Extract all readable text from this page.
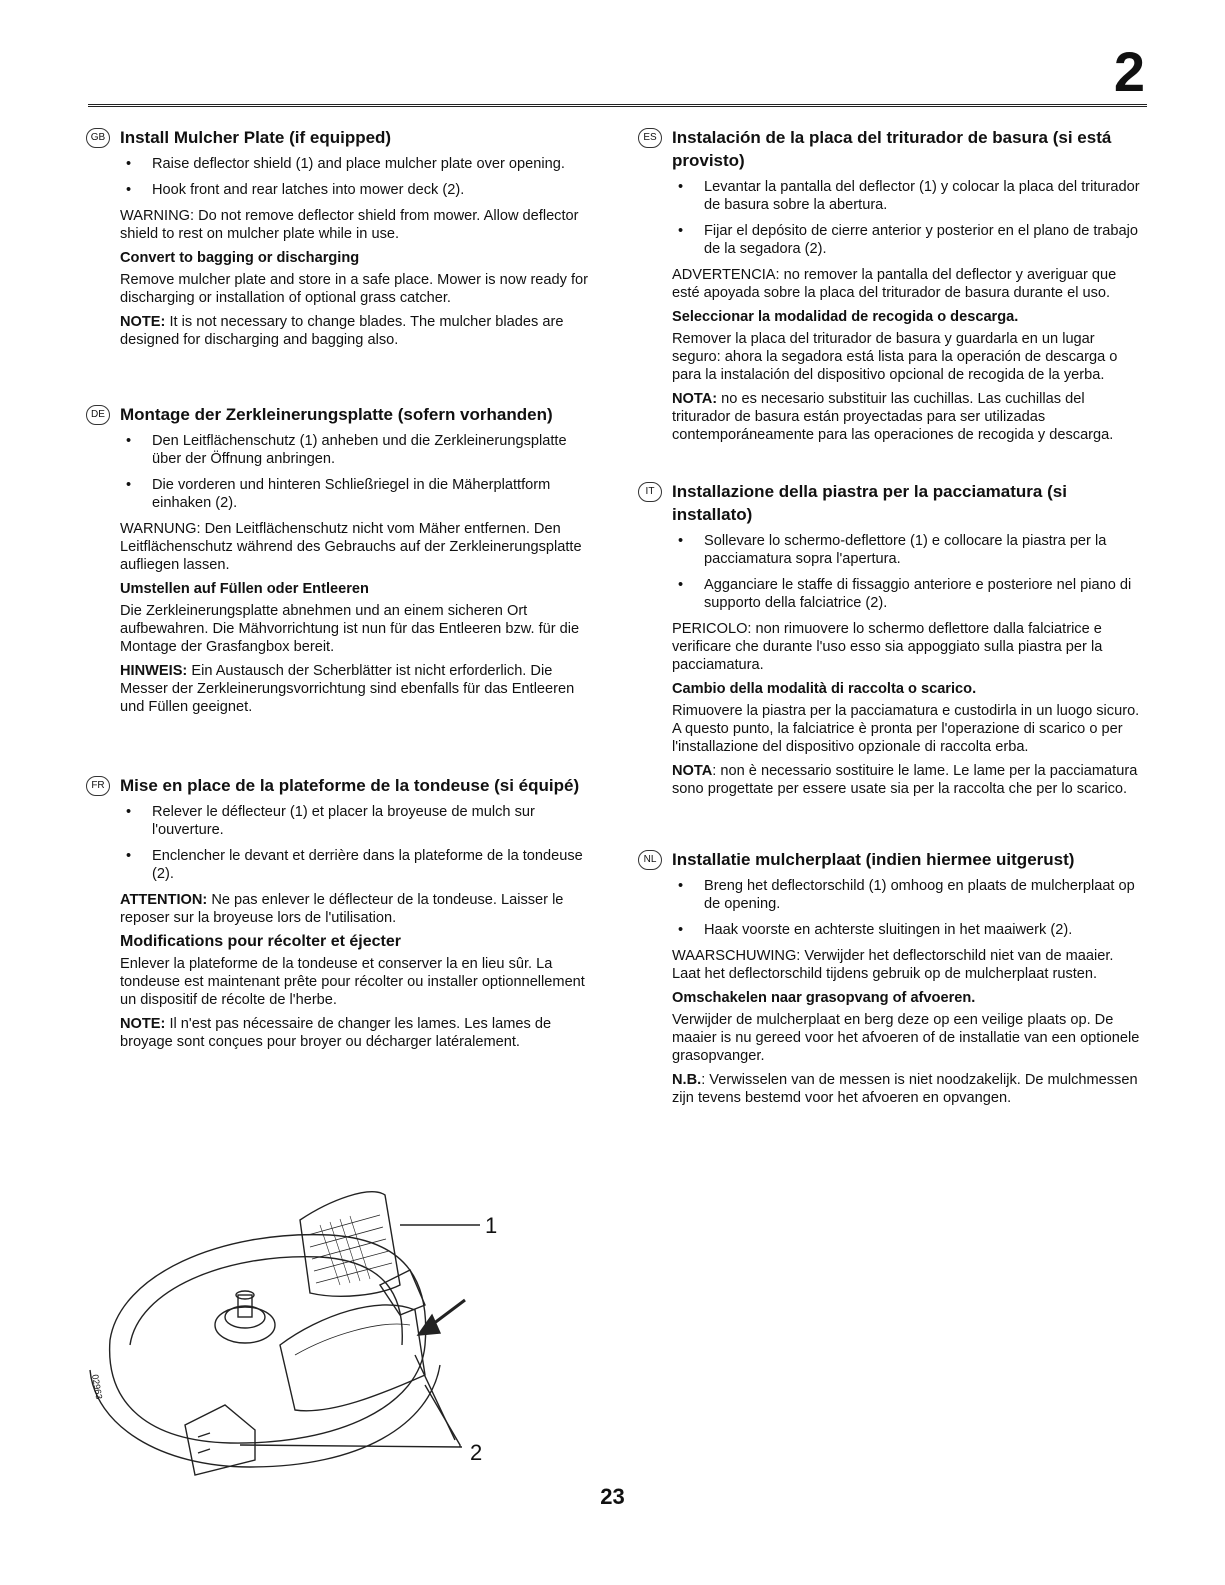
2
GB Install Mulcher Plate (if equipped)
• Raise deflector shield (1) and place mulcher plate over opening.
• Hook front and rear latches into mower deck (2).

WARNING: Do not remove deflector shield from mower. Allow deflector shield to rest on mulcher plate while in use.

Convert to bagging or discharging

Remove mulcher plate and store in a safe place. Mower is now ready for discharging or installation of optional grass catcher.

NOTE: It is not necessary to change blades. The mulcher blades are designed for discharging and bagging also.

DE Montage der Zerkleinerungsplatte (sofern vorhanden)
• Den Leitflächenschutz (1) anheben und die Zerkleinerungsplatte über der Öffnung anbringen.
• Die vorderen und hinteren Schließriegel in die Mäherplattform einhaken (2).

WARNUNG: Den Leitflächenschutz nicht vom Mäher entfernen. Den Leitflächenschutz während des Gebrauchs auf der Zerkleinerungsplatte aufliegen lassen.

Umstellen auf Füllen oder Entleeren

Die Zerkleinerungsplatte abnehmen und an einem sicheren Ort aufbewahren. Die Mähvorrichtung ist nun für das Entleeren bzw. für die Montage der Grasfangbox bereit.

HINWEIS: Ein Austausch der Scherblätter ist nicht erforderlich. Die Messer der Zerkleinerungsvorrichtung sind ebenfalls für das Entleeren und Füllen geeignet.

FR Mise en place de la plateforme de la tondeuse (si équipé)
• Relever le déflecteur (1) et placer la broyeuse de mulch sur l'ouverture.
• Enclencher le devant et derrière dans la plateforme de la tondeuse (2).

ATTENTION: Ne pas enlever le déflecteur de la tondeuse. Laisser le reposer sur la broyeuse lors de l'utilisation.

Modifications pour récolter et éjecter

Enlever la plateforme de la tondeuse et conserver la en lieu sûr. La tondeuse est maintenant prête pour récolter ou installer optionnellement un dispositif de récolte de l'herbe.

NOTE: Il n'est pas nécessaire de changer les lames. Les lames de broyage sont conçues pour broyer ou décharger latéralement.

ES Instalación de la placa del triturador de basura (si está provisto)
• Levantar la pantalla del deflector (1) y colocar la placa del triturador de basura sobre la abertura.
• Fijar el depósito de cierre anterior y posterior en el plano de trabajo de la segadora (2).

ADVERTENCIA: no remover la pantalla del deflector y averiguar que esté apoyada sobre la placa del triturador de basura durante el uso.

Seleccionar la modalidad de recogida o descarga.

Remover la placa del triturador de basura y guardarla en un lugar seguro: ahora la segadora está lista para la operación de descarga o para la instalación del dispositivo opcional de recogida de la yerba.

NOTA: no es necesario substituir las cuchillas. Las cuchillas del triturador de basura están proyectadas para ser utilizadas contemporáneamente para las operaciones de recogida y descarga.

IT	Installazione della piastra per la pacciamatura (si installato)
• Sollevare lo schermo-deflettore (1) e collocare la piastra per la pacciamatura sopra l'apertura.
• Agganciare le staffe di fissaggio anteriore e posteriore nel piano di supporto della falciatrice (2).

PERICOLO: non rimuovere lo schermo deflettore dalla falciatrice e verificare che durante l'uso esso sia appoggiato sulla piastra per la pacciamatura.

Cambio della modalità di raccolta o scarico.

Rimuovere la piastra per la pacciamatura e custodirla in un luogo sicuro. A questo punto, la falciatrice è pronta per l'operazione di scarico o per l'installazione del dispositivo opzionale di raccolta erba.

NOTA: non è necessario sostituire le lame. Le lame per la pacciamatura sono progettate per essere usate sia per la raccolta che per lo scarico.

NL Installatie mulcherplaat (indien hiermee uitgerust)
• Breng het deflectorschild (1) omhoog en plaats de mulcherplaat op de opening.
• Haak voorste en achterste sluitingen in het maaiwerk (2).

WAARSCHUWING: Verwijder het deflectorschild niet van de maaier. Laat het deflectorschild tijdens gebruik op de mulcherplaat rusten.

Omschakelen naar grasopvang of afvoeren.

Verwijder de mulcherplaat en berg deze op een veilige plaats op. De maaier is nu gereed voor het afvoeren of de installatie van een optionele grasopvanger.

N.B.: Verwisselen van de messen is niet noodzakelijk. De mulchmessen zijn tevens bestemd voor het afvoeren en opvangen.

1
2
02963
23
